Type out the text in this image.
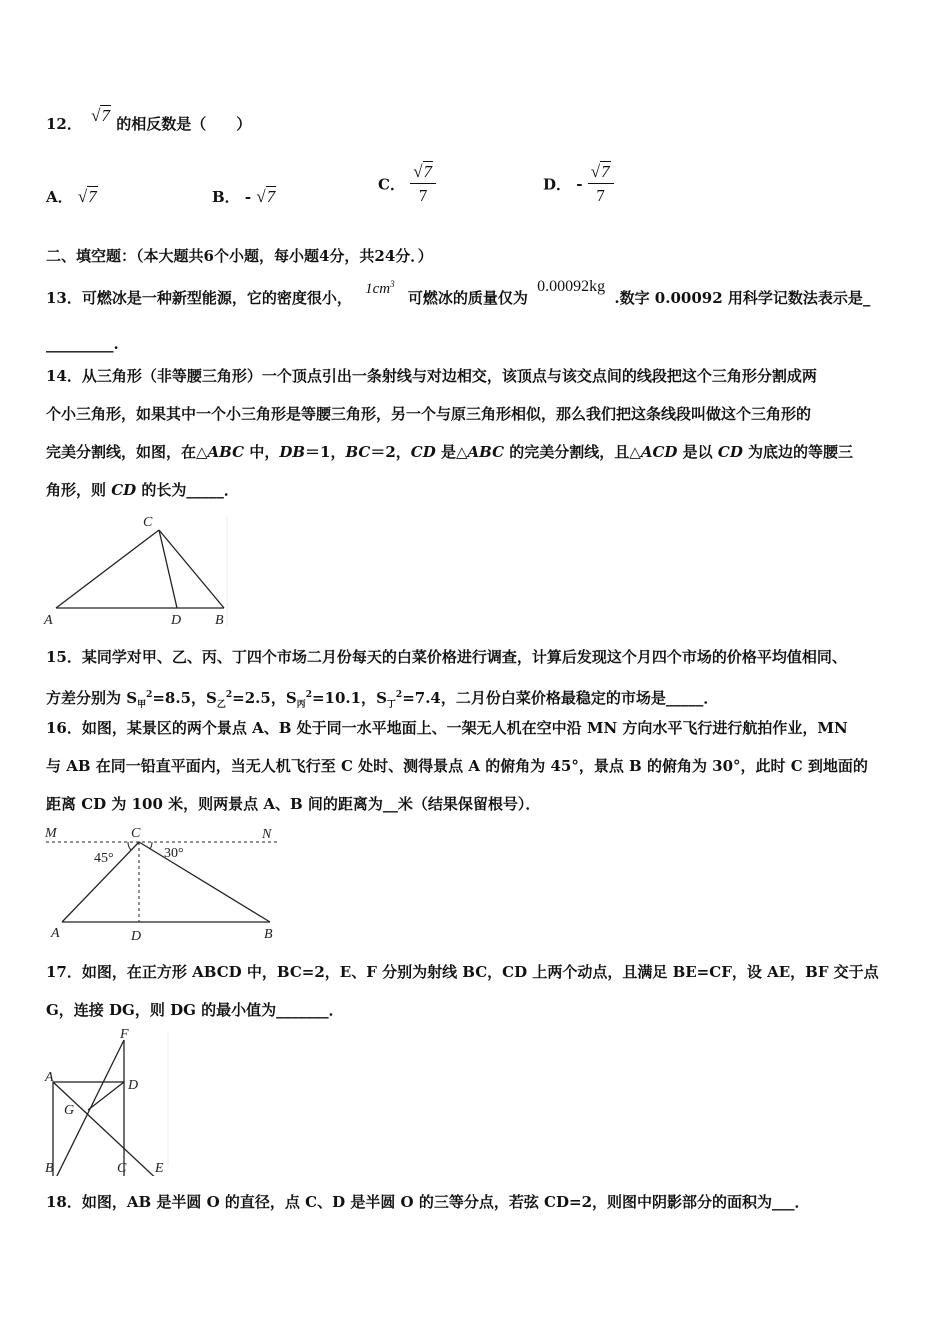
12． √7 的相反数是（　　）
A． √7	B． - √7
C． $\frac{√7}{7}$	D． - $\frac{√7}{7}$
二、填空题：（本大题共6个小题，每小题4分，共24分．）
13．可燃冰是一种新型能源，它的密度很小， $1cm^3$ 可燃冰的质量仅为 0.00092kg .数字 0.00092 用科学记数法表示是_
_________.
14．从三角形（非等腰三角形）一个顶点引出一条射线与对边相交，该顶点与该交点间的线段把这个三角形分割成两
个小三角形，如果其中一个小三角形是等腰三角形，另一个与原三角形相似，那么我们把这条线段叫做这个三角形的
完美分割线，如图，在△ABC 中，DB＝1，BC＝2，CD 是△ABC 的完美分割线，且△ACD 是以 CD 为底边的等腰三
角形，则 CD 的长为_____．
C
A	D B
15．某同学对甲、乙、丙、丁四个市场二月份每天的白菜价格进行调查，计算后发现这个月四个市场的价格平均值相同、
方差分别为 $S_甲^2=8.5$，$S_乙^2=2.5$，$S_丙^2=10.1$，$S_丁^2=7.4$，二月份白菜价格最稳定的市场是_____．
16．如图，某景区的两个景点 A、B 处于同一水平地面上、一架无人机在空中沿 MN 方向水平飞行进行航拍作业，MN
与 AB 在同一铅直平面内，当无人机飞行至 C 处时、测得景点 A 的俯角为 45°，景点 B 的俯角为 30°，此时 C 到地面的
距离 CD 为 100 米，则两景点 A、B 间的距离为__米（结果保留根号）．
M	C	N
45°	30°
A	D	B
17．如图，在正方形 ABCD 中，BC=2，E、F 分别为射线 BC，CD 上两个动点，且满足 BE=CF，设 AE，BF 交于点
G，连接 DG，则 DG 的最小值为_______．
F
A
D
G
B	C E
18．如图，AB 是半圆 O 的直径，点 C、D 是半圆 O 的三等分点，若弦 CD=2，则图中阴影部分的面积为___．
